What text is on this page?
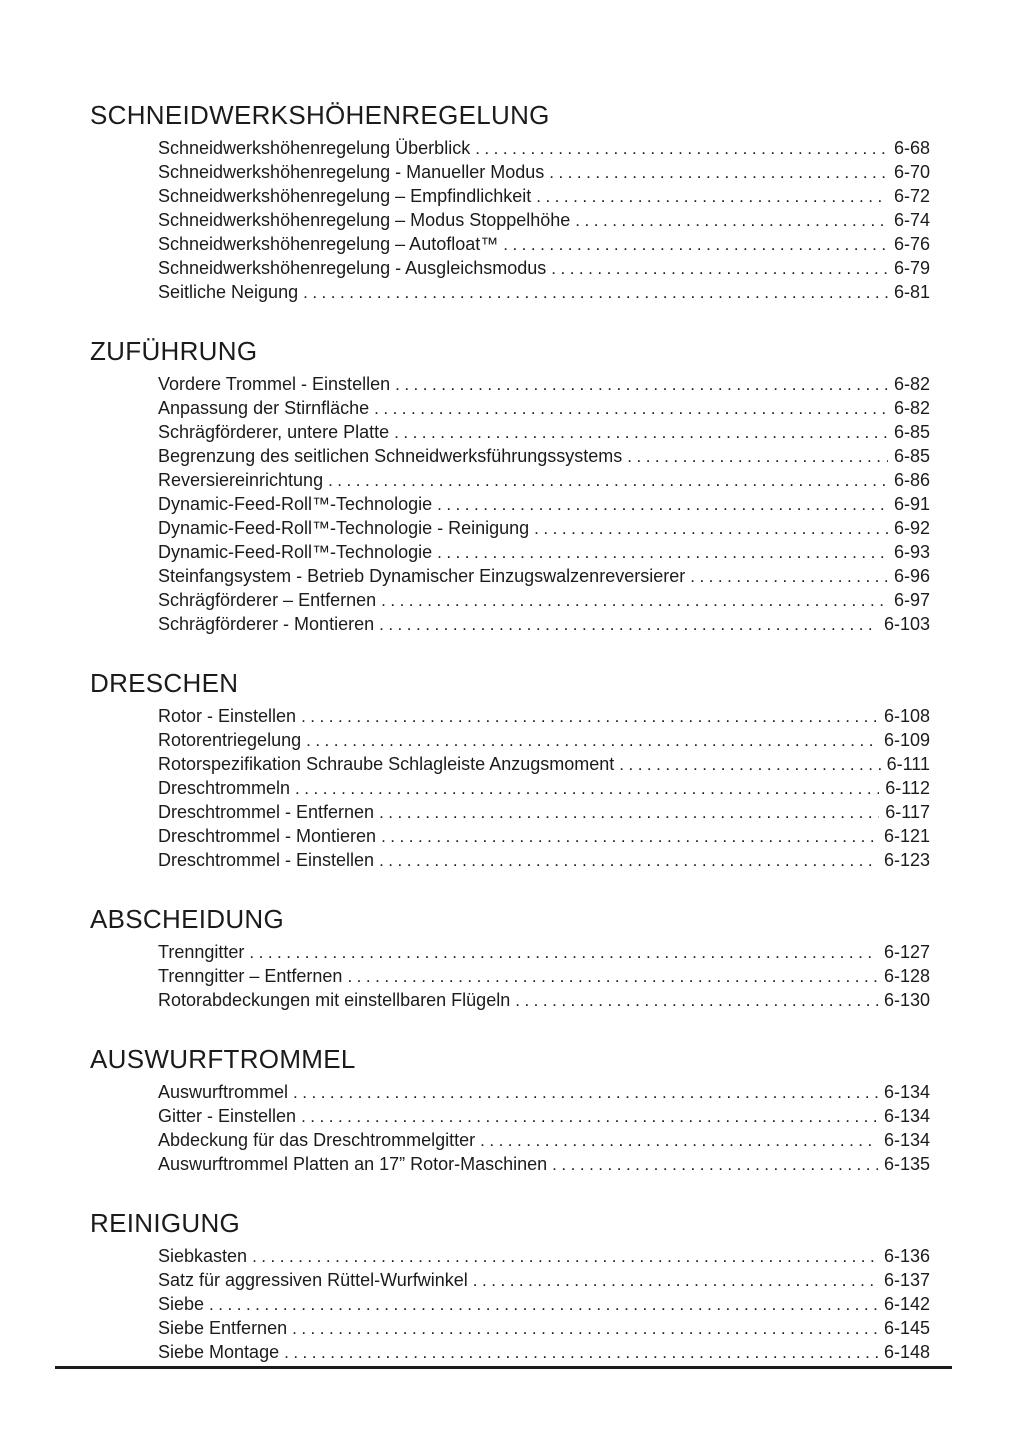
SCHNEIDWERKSHÖHENREGELUNG
Schneidwerkshöhenregelung Überblick .....	6-68
Schneidwerkshöhenregelung - Manueller Modus .....	6-70
Schneidwerkshöhenregelung – Empfindlichkeit .....	6-72
Schneidwerkshöhenregelung – Modus Stoppelhöhe .....	6-74
Schneidwerkshöhenregelung – Autofloat™ .....	6-76
Schneidwerkshöhenregelung - Ausgleichsmodus .....	6-79
Seitliche Neigung .....	6-81
ZUFÜHRUNG
Vordere Trommel - Einstellen .....	6-82
Anpassung der Stirnfläche .....	6-82
Schrägförderer, untere Platte .....	6-85
Begrenzung des seitlichen Schneidwerksführungssystems .....	6-85
Reversiereinrichtung .....	6-86
Dynamic-Feed-Roll™-Technologie .....	6-91
Dynamic-Feed-Roll™-Technologie - Reinigung .....	6-92
Dynamic-Feed-Roll™-Technologie .....	6-93
Steinfangsystem - Betrieb Dynamischer Einzugswalzenreversierer .....	6-96
Schrägförderer – Entfernen .....	6-97
Schrägförderer - Montieren .....	6-103
DRESCHEN
Rotor - Einstellen .....	6-108
Rotorentriegelung .....	6-109
Rotorspezifikation Schraube Schlagleiste Anzugsmoment .....	6-111
Dreschtrommeln .....	6-112
Dreschtrommel - Entfernen .....	6-117
Dreschtrommel - Montieren .....	6-121
Dreschtrommel - Einstellen .....	6-123
ABSCHEIDUNG
Trenngitter .....	6-127
Trenngitter – Entfernen .....	6-128
Rotorabdeckungen mit einstellbaren Flügeln .....	6-130
AUSWURFTROMMEL
Auswurftrommel .....	6-134
Gitter - Einstellen .....	6-134
Abdeckung für das Dreschtrommelgitter .....	6-134
Auswurftrommel Platten an 17” Rotor-Maschinen .....	6-135
REINIGUNG
Siebkasten .....	6-136
Satz für aggressiven Rüttel-Wurfwinkel .....	6-137
Siebe .....	6-142
Siebe Entfernen .....	6-145
Siebe Montage .....	6-148
